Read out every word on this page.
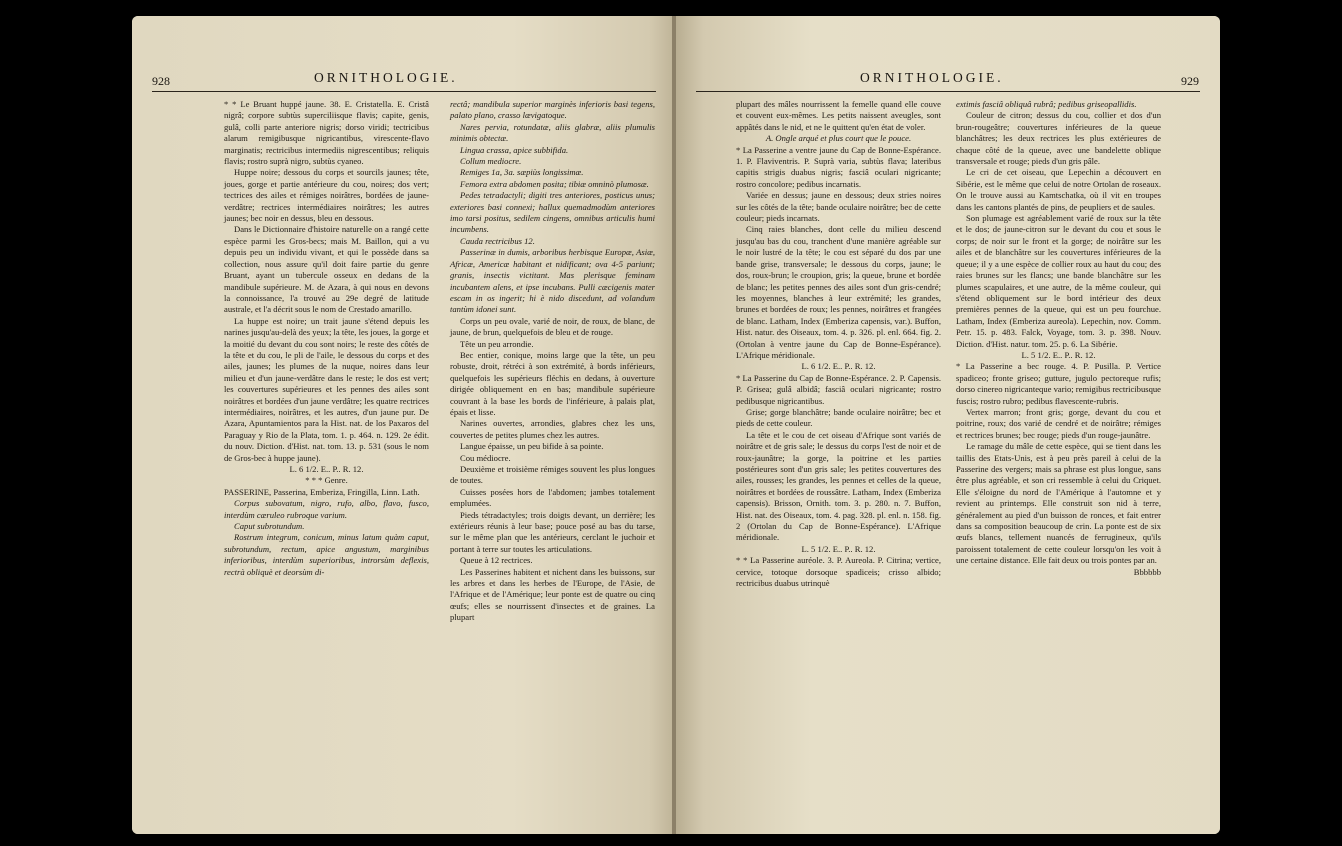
928	ORNITHOLOGIE.

* * Le Bruant huppé jaune. 38. E. Cristatella. E. Cristâ nigrâ; corpore subtùs superciliisque flavis; capite, genis, gulâ, colli parte anteriore nigris; dorso viridi; tectricibus alarum remigibusque nigricantibus, virescente-flavo marginatis; rectricibus intermediis nigrescentibus; reliquis flavis; rostro suprà nigro, subtùs cyaneo.

Huppe noire; dessous du corps et sourcils jaunes; tête, joues, gorge et partie antérieure du cou, noires; dos vert; tectrices des ailes et rémiges noirâtres, bordées de jaune-verdâtre; rectrices intermédiaires noirâtres; les autres jaunes; bec noir en dessus, bleu en dessous.

Dans le Dictionnaire d'histoire naturelle on a rangé cette espèce parmi les Gros-becs; mais M. Baillon, qui a vu depuis peu un individu vivant, et qui le possède dans sa collection, nous assure qu'il doit faire partie du genre Bruant, ayant un tubercule osseux en dedans de la mandibule supérieure. M. de Azara, à qui nous en devons la connoissance, l'a trouvé au 29e degré de latitude australe, et l'a décrit sous le nom de Crestado amarillo.

La huppe est noire; un trait jaune s'étend depuis les narines jusqu'au-delà des yeux; la tête, les joues, la gorge et la moitié du devant du cou sont noirs; le reste des côtés de la tête et du cou, le pli de l'aile, le dessous du corps et des ailes, jaunes; les plumes de la nuque, noires dans leur milieu et d'un jaune-verdâtre dans le reste; le dos est vert; les couvertures supérieures et les pennes des ailes sont noirâtres et bordées d'un jaune verdâtre; les quatre rectrices intermédiaires, noirâtres, et les autres, d'un jaune pur. De Azara, Apuntamientos para la Hist. nat. de los Paxaros del Paraguay y Rio de la Plata, tom. 1. p. 464. n. 129. 2e édit. du nouv. Diction. d'Hist. nat. tom. 13. p. 531 (sous le nom de Gros-bec à huppe jaune).

L. 6 1/2. E.. P.. R. 12.

* * * Genre.

PASSERINE, Passerina, Emberiza, Fringilla, Linn. Lath.

Corpus subovatum, nigro, rufo, albo, flavo, fusco, interdùm cæruleo rubroque varium.

Caput subrotundum.

Rostrum integrum, conicum, minus latum quàm caput, subrotundum, rectum, apice angustum, marginibus inferioribus, interdùm superioribus, introrsùm deflexis, rectrà obliquè et deorsùm di-

rectâ; mandibula superior marginès inferioris basi tegens, palato plano, crasso lævigatoque.

Nares pervia, rotundatæ, aliis glabræ, aliis plumulis minimis obtectæ.

Lingua crassa, apice subbifida.

Collum mediocre.

Remiges 1a, 3a. sæpiùs longissimæ.

Femora extra abdomen posita; tibiæ omninò plumosæ.

Pedes tetradactyli; digiti tres anteriores, posticus unus; exteriores basi connexi; hallux quemadmodùm anteriores imo tarsi positus, sedilem cingens, omnibus articulis humi incumbens.

Cauda rectricibus 12.

Passerinæ in dumis, arboribus herbisque Europæ, Asiæ, Africæ, Americæ habitant et nidificant; ova 4-5 pariunt; granis, insectis victitant. Mas plerisque feminam incubantem alens, et ipse incubans. Pulli cæcigenis mater escam in os ingerit; hi è nido discedunt, ad volandum tantùm idonei sunt.

Corps un peu ovale, varié de noir, de roux, de blanc, de jaune, de brun, quelquefois de bleu et de rouge.

Tête un peu arrondie.

Bec entier, conique, moins large que la tête, un peu robuste, droit, rétréci à son extrémité, à bords inférieurs, quelquefois les supérieurs fléchis en dedans, à ouverture dirigée obliquement en en bas; mandibule supérieure couvrant à la base les bords de l'inférieure, à palais plat, épais et lisse.

Narines ouvertes, arrondies, glabres chez les uns, couvertes de petites plumes chez les autres.

Langue épaisse, un peu bifide à sa pointe.

Cou médiocre.

Deuxième et troisième rémiges souvent les plus longues de toutes.

Cuisses posées hors de l'abdomen; jambes totalement emplumées.

Pieds tétradactyles; trois doigts devant, un derrière; les extérieurs réunis à leur base; pouce posé au bas du tarse, sur le même plan que les antérieurs, cerclant le juchoir et portant à terre sur toutes les articulations.

Queue à 12 rectrices.

Les Passerines habitent et nichent dans les buissons, sur les arbres et dans les herbes de l'Europe, de l'Asie, de l'Afrique et de l'Amérique; leur ponte est de quatre ou cinq œufs; elles se nourrissent d'insectes et de graines. La plupart

ORNITHOLOGIE.	929

plupart des mâles nourrissent la femelle quand elle couve et couvent eux-mêmes. Les petits naissent aveugles, sont appâtés dans le nid, et ne le quittent qu'en état de voler.

A. Ongle arqué et plus court que le pouce.

* La Passerine a ventre jaune du Cap de Bonne-Espérance. 1. P. Flaviventris. P. Suprà varia, subtùs flava; lateribus capitis strigis duabus nigris; fasciâ oculari nigricante; rostro concolore; pedibus incarnatis.

Variée en dessus; jaune en dessous; deux stries noires sur les côtés de la tête; bande oculaire noirâtre; bec de cette couleur; pieds incarnats.

Cinq raies blanches, dont celle du milieu descend jusqu'au bas du cou, tranchent d'une manière agréable sur le noir lustré de la tête; le cou est séparé du dos par une bande grise, transversale; le dessous du corps, jaune; le dos, roux-brun; le croupion, gris; la queue, brune et bordée de blanc; les petites pennes des ailes sont d'un gris-cendré; les moyennes, blanches à leur extrémité; les grandes, brunes et bordées de roux; les pennes, noirâtres et frangées de blanc. Latham, Index (Emberiza capensis, var.). Buffon, Hist. natur. des Oiseaux, tom. 4. p. 326. pl. enl. 664. fig. 2. (Ortolan à ventre jaune du Cap de Bonne-Espérance). L'Afrique méridionale.

L. 6 1/2. E.. P.. R. 12.

* La Passerine du Cap de Bonne-Espérance. 2. P. Capensis. P. Grisea; gulâ albidâ; fasciâ oculari nigricante; rostro pedibusque nigricantibus.

Grise; gorge blanchâtre; bande oculaire noirâtre; bec et pieds de cette couleur.

La tête et le cou de cet oiseau d'Afrique sont variés de noirâtre et de gris sale; le dessus du corps l'est de noir et de roux-jaunâtre; la gorge, la poitrine et les parties postérieures sont d'un gris sale; les petites couvertures des ailes, rousses; les grandes, les pennes et celles de la queue, noirâtres et bordées de roussâtre. Latham, Index (Emberiza capensis). Brisson, Ornith. tom. 3. p. 280. n. 7. Buffon, Hist. nat. des Oiseaux, tom. 4. pag. 328. pl. enl. n. 158. fig. 2 (Ortolan du Cap de Bonne-Espérance). L'Afrique méridionale.

L. 5 1/2. E.. P.. R. 12.

* * La Passerine auréole. 3. P. Aureola. P. Citrina; vertice, cervice, totoque dorsoque spadiceis; crisso albido; rectricibus duabus utrinquè

extimis fasciâ obliquâ rubrâ; pedibus griseopallidis.

Couleur de citron; dessus du cou, collier et dos d'un brun-rougeâtre; couvertures inférieures de la queue blanchâtres; les deux rectrices les plus extérieures de chaque côté de la queue, avec une bandelette oblique transversale et rouge; pieds d'un gris pâle.

Le cri de cet oiseau, que Lepechin a découvert en Sibérie, est le même que celui de notre Ortolan de roseaux. On le trouve aussi au Kamtschatka, où il vit en troupes dans les cantons plantés de pins, de peupliers et de saules.

Son plumage est agréablement varié de roux sur la tête et le dos; de jaune-citron sur le devant du cou et sous le corps; de noir sur le front et la gorge; de noirâtre sur les ailes et de blanchâtre sur les couvertures inférieures de la queue; il y a une espèce de collier roux au haut du cou; des raies brunes sur les flancs; une bande blanchâtre sur les plumes scapulaires, et une autre, de la même couleur, qui s'étend obliquement sur le bord intérieur des deux premières pennes de la queue, qui est un peu fourchue. Latham, Index (Emberiza aureola). Lepechin, nov. Comm. Petr. 15. p. 483. Falck, Voyage, tom. 3. p. 398. Nouv. Diction. d'Hist. natur. tom. 25. p. 6. La Sibérie.

L. 5 1/2. E.. P.. R. 12.

* La Passerine a bec rouge. 4. P. Pusilla. P. Vertice spadiceo; fronte griseo; gutture, jugulo pectoreque rufis; dorso cinereo nigricanteque vario; remigibus rectricibusque fuscis; rostro rubro; pedibus flavescente-rubris.

Vertex marron; front gris; gorge, devant du cou et poitrine, roux; dos varié de cendré et de noirâtre; rémiges et rectrices brunes; bec rouge; pieds d'un rouge-jaunâtre.

Le ramage du mâle de cette espèce, qui se tient dans les taillis des Etats-Unis, est à peu près pareil à celui de la Passerine des vergers; mais sa phrase est plus longue, sans être plus agréable, et son cri ressemble à celui du Criquet. Elle s'éloigne du nord de l'Amérique à l'automne et y revient au printemps. Elle construit son nid à terre, généralement au pied d'un buisson de ronces, et fait entrer dans sa composition beaucoup de crin. La ponte est de six œufs blancs, tellement nuancés de ferrugineux, qu'ils paroissent totalement de cette couleur lorsqu'on les voit à une certaine distance. Elle fait deux ou trois pontes par an.

Bbbbbb
